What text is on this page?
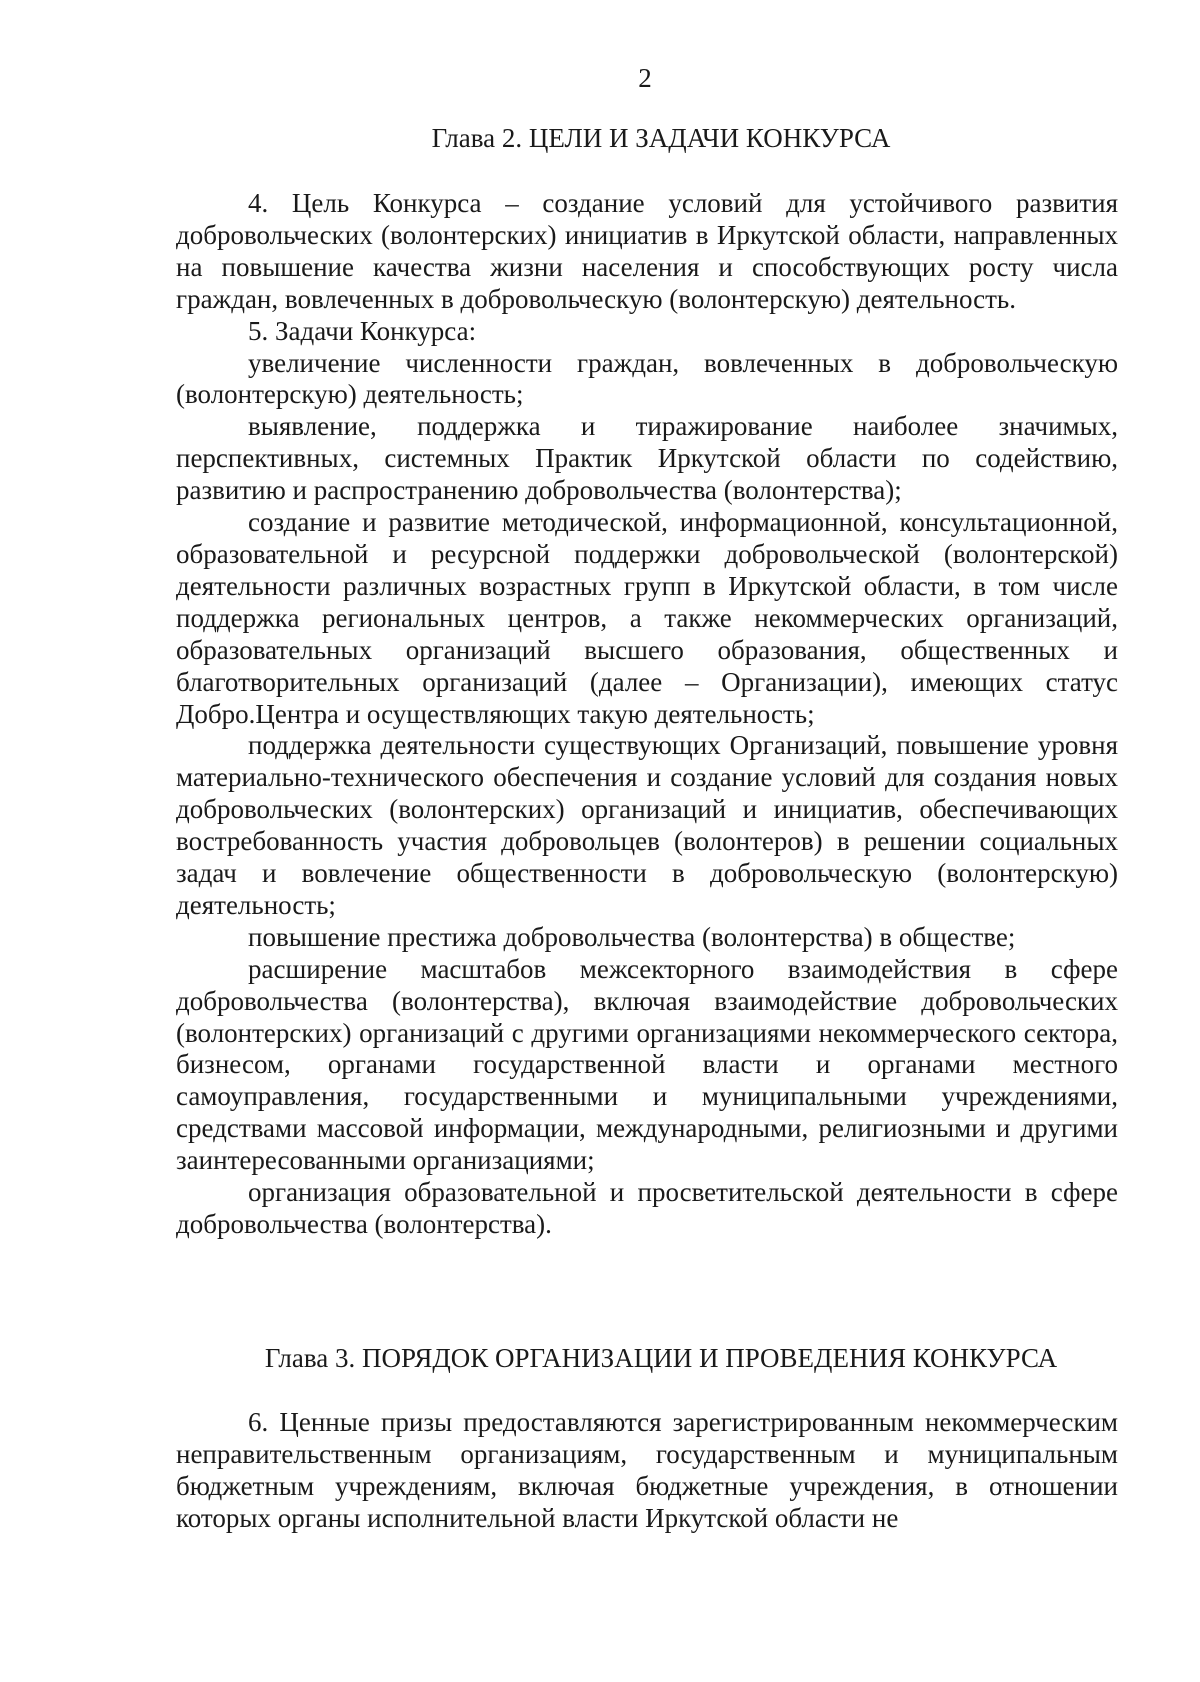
2
Глава 2. ЦЕЛИ И ЗАДАЧИ КОНКУРСА

4. Цель Конкурса – создание условий для устойчивого развития добровольческих (волонтерских) инициатив в Иркутской области, направленных на повышение качества жизни населения и способствующих росту числа граждан, вовлеченных в добровольческую (волонтерскую) деятельность.

5. Задачи Конкурса:

увеличение численности граждан, вовлеченных в добровольческую (волонтерскую) деятельность;

выявление, поддержка и тиражирование наиболее значимых, перспективных, системных Практик Иркутской области по содействию, развитию и распространению добровольчества (волонтерства);

создание и развитие методической, информационной, консультационной, образовательной и ресурсной поддержки добровольческой (волонтерской) деятельности различных возрастных групп в Иркутской области, в том числе поддержка региональных центров, а также некоммерческих организаций, образовательных организаций высшего образования, общественных и благотворительных организаций (далее – Организации), имеющих статус Добро.Центра и осуществляющих такую деятельность;

поддержка деятельности существующих Организаций, повышение уровня материально-технического обеспечения и создание условий для создания новых добровольческих (волонтерских) организаций и инициатив, обеспечивающих востребованность участия добровольцев (волонтеров) в решении социальных задач и вовлечение общественности в добровольческую (волонтерскую) деятельность;

повышение престижа добровольчества (волонтерства) в обществе;

расширение масштабов межсекторного взаимодействия в сфере добровольчества (волонтерства), включая взаимодействие добровольческих (волонтерских) организаций с другими организациями некоммерческого сектора, бизнесом, органами государственной власти и органами местного самоуправления, государственными и муниципальными учреждениями, средствами массовой информации, международными, религиозными и другими заинтересованными организациями;

организация образовательной и просветительской деятельности в сфере добровольчества (волонтерства).

Глава 3. ПОРЯДОК ОРГАНИЗАЦИИ И ПРОВЕДЕНИЯ КОНКУРСА

6. Ценные призы предоставляются зарегистрированным некоммерческим неправительственным организациям, государственным и муниципальным бюджетным учреждениям, включая бюджетные учреждения, в отношении которых органы исполнительной власти Иркутской области не
